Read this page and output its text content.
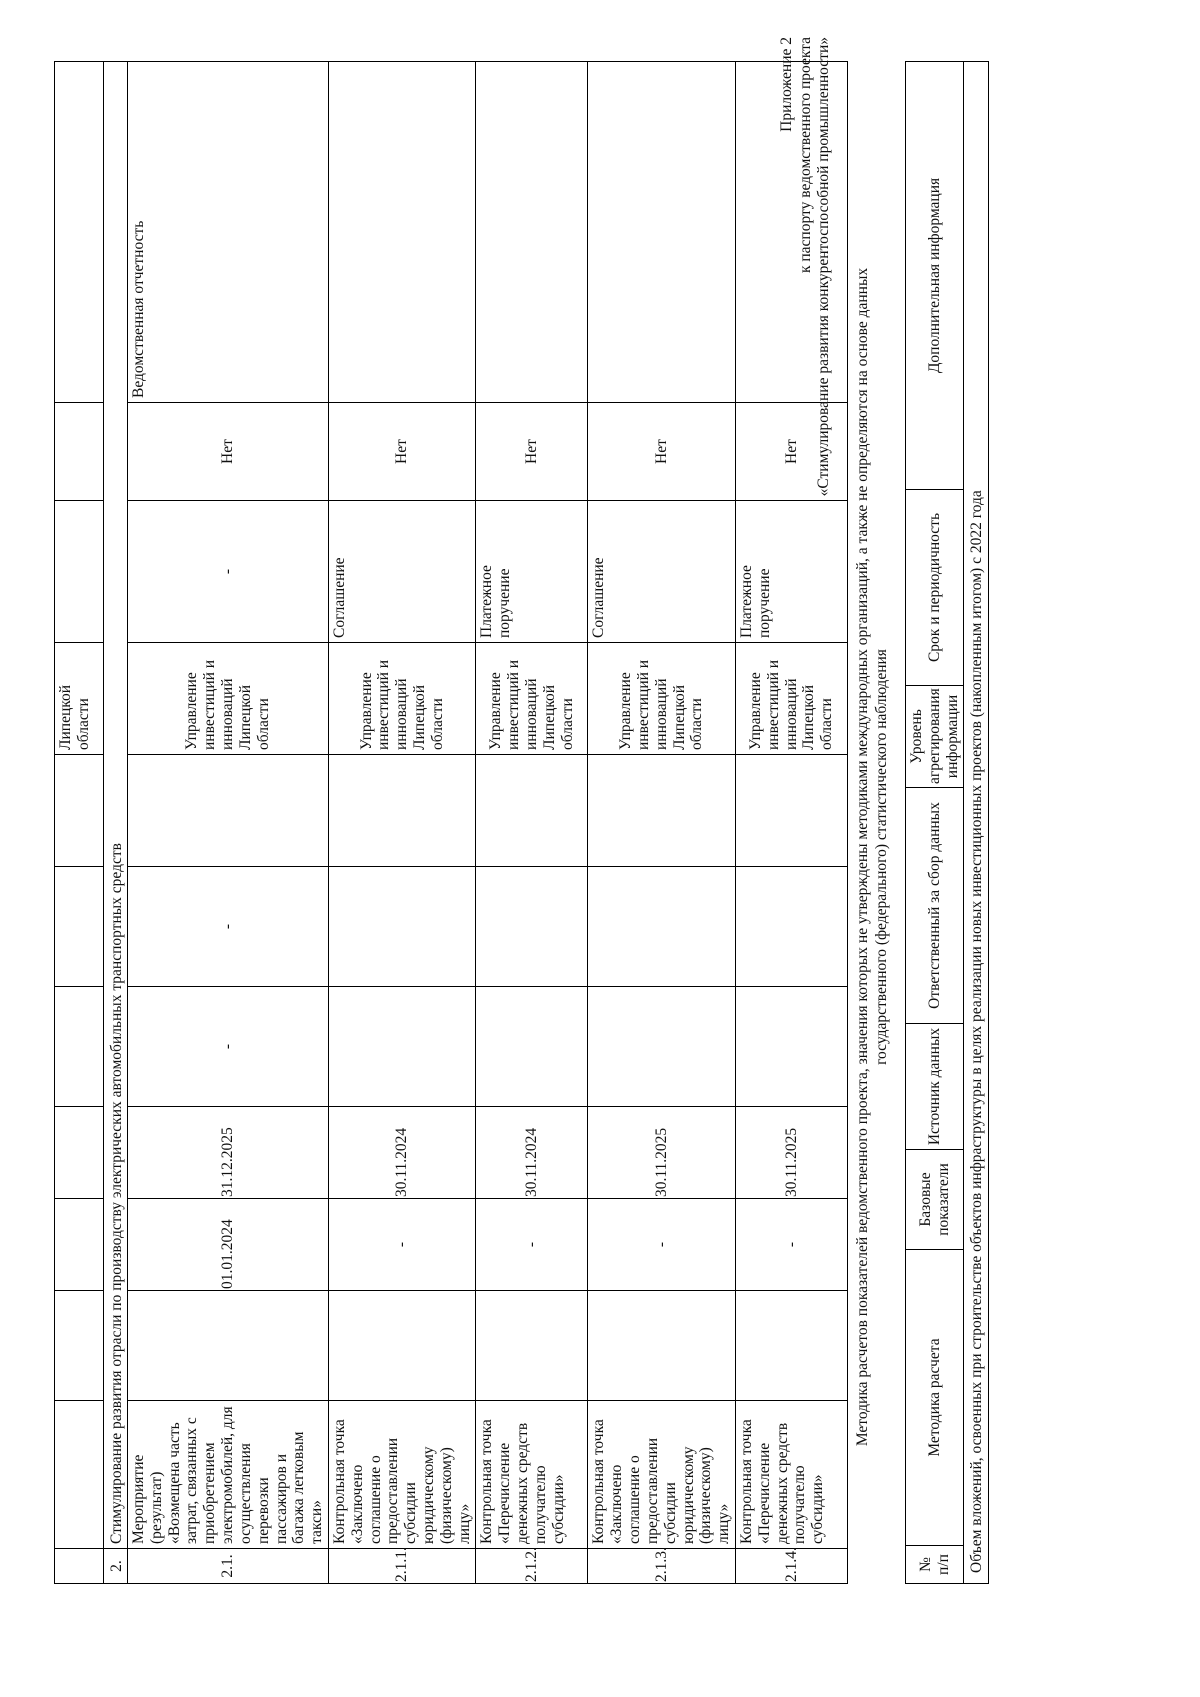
								Липецкой области			
2.	Стимулирование развития отрасли по производству электрических автомобильных транспортных средств										
2.1.	Мероприятие (результат) «Возмещена часть затрат, связанных с приобретением электромобилей, для осуществления перевозки пассажиров и багажа легковым такси»		01.01.2024	31.12.2025	-	-		Управление инвестиций и инноваций Липецкой области	-	Нет	Ведомственная отчетность
2.1.1.	Контрольная точка «Заключено соглашение о предоставлении субсидии юридическому (физическому) лицу»		-	30.11.2024				Управление инвестиций и инноваций Липецкой области	Соглашение	Нет	
2.1.2.	Контрольная точка «Перечисление денежных средств получателю субсидии»		-	30.11.2024				Управление инвестиций и инноваций Липецкой области	Платежное поручение	Нет	
2.1.3.	Контрольная точка «Заключено соглашение о предоставлении субсидии юридическому (физическому) лицу»		-	30.11.2025				Управление инвестиций и инноваций Липецкой области	Соглашение	Нет	
2.1.4.	Контрольная точка «Перечисление денежных средств получателю субсидии»		-	30.11.2025				Управление инвестиций и инноваций Липецкой области	Платежное поручение	Нет	
Приложение 2 к паспорту ведомственного проекта «Стимулирование развития конкурентоспособной промышленности»
Методика расчетов показателей ведомственного проекта, значения которых не утверждены методиками международных организаций, а также не определяются на основе данных государственного (федерального) статистического наблюдения
№ п/п	Методика расчета	Базовые показатели	Источник данных	Ответственный за сбор данных	Уровень агрегирования информации	Срок и периодичность	Дополнительная информация
Объем вложений, освоенных при строительстве объектов инфраструктуры в целях реализации новых инвестиционных проектов (накопленным итогом) с 2022 года
